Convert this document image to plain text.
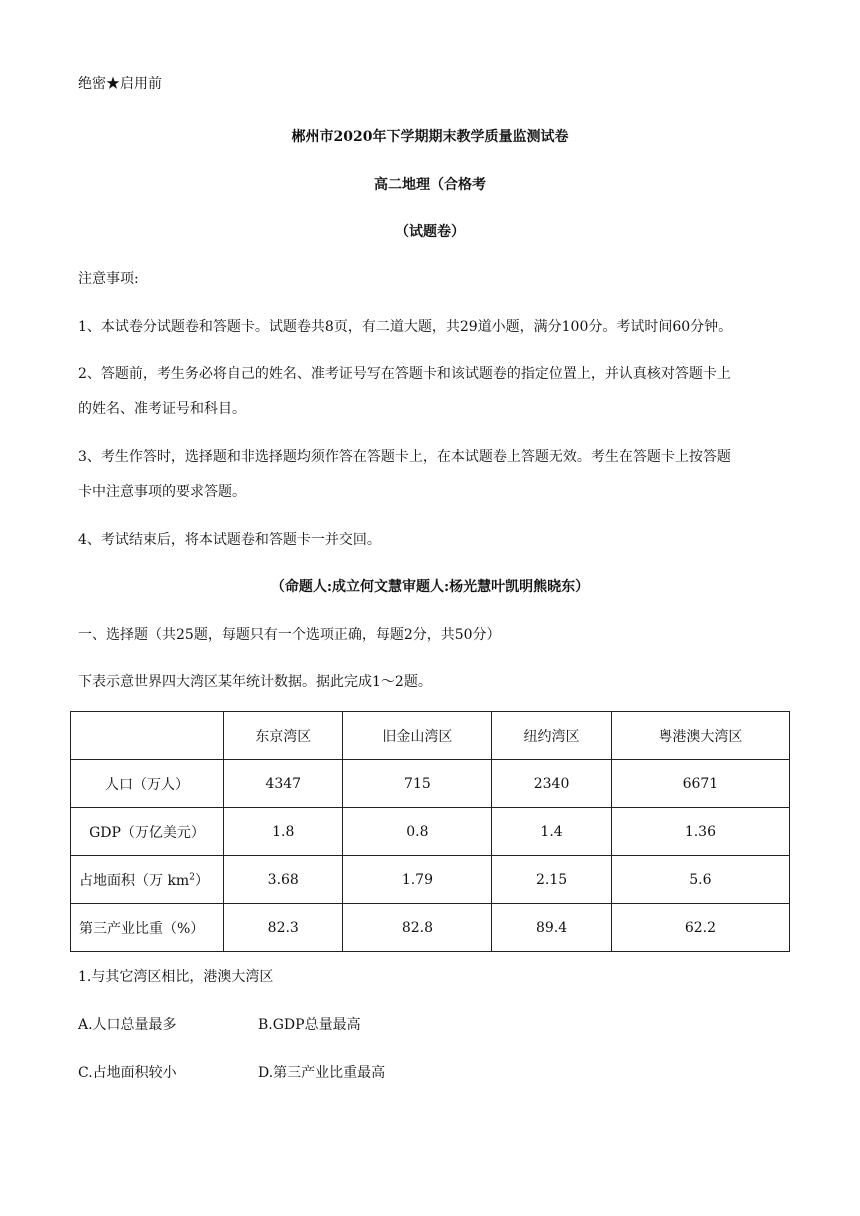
绝密★启用前
郴州市2020年下学期期末教学质量监测试卷
高二地理（合格考
（试题卷）
注意事项:
1、本试卷分试题卷和答题卡。试题卷共8页，有二道大题，共29道小题，满分100分。考试时间60分钟。
2、答题前，考生务必将自己的姓名、准考证号写在答题卡和该试题卷的指定位置上，并认真核对答题卡上
的姓名、准考证号和科目。
3、考生作答时，选择题和非选择题均须作答在答题卡上，在本试题卷上答题无效。考生在答题卡上按答题
卡中注意事项的要求答题。
4、考试结束后，将本试题卷和答题卡一并交回。
（命题人:成立何文慧审题人:杨光慧叶凯明熊晓东）
一、选择题（共25题，每题只有一个选项正确，每题2分，共50分）
下表示意世界四大湾区某年统计数据。据此完成1～2题。
	东京湾区	旧金山湾区	纽约湾区	粤港澳大湾区
人口（万人）	4347	715	2340	6671
GDP（万亿美元）	1.8	0.8	1.4	1.36
占地面积（万 $km^2$）	3.68	1.79	2.15	5.6
第三产业比重（%）	82.3	82.8	89.4	62.2
1.与其它湾区相比，港澳大湾区
A.人口总量最多	B.GDP总量最高
C.占地面积较小	D.第三产业比重最高
